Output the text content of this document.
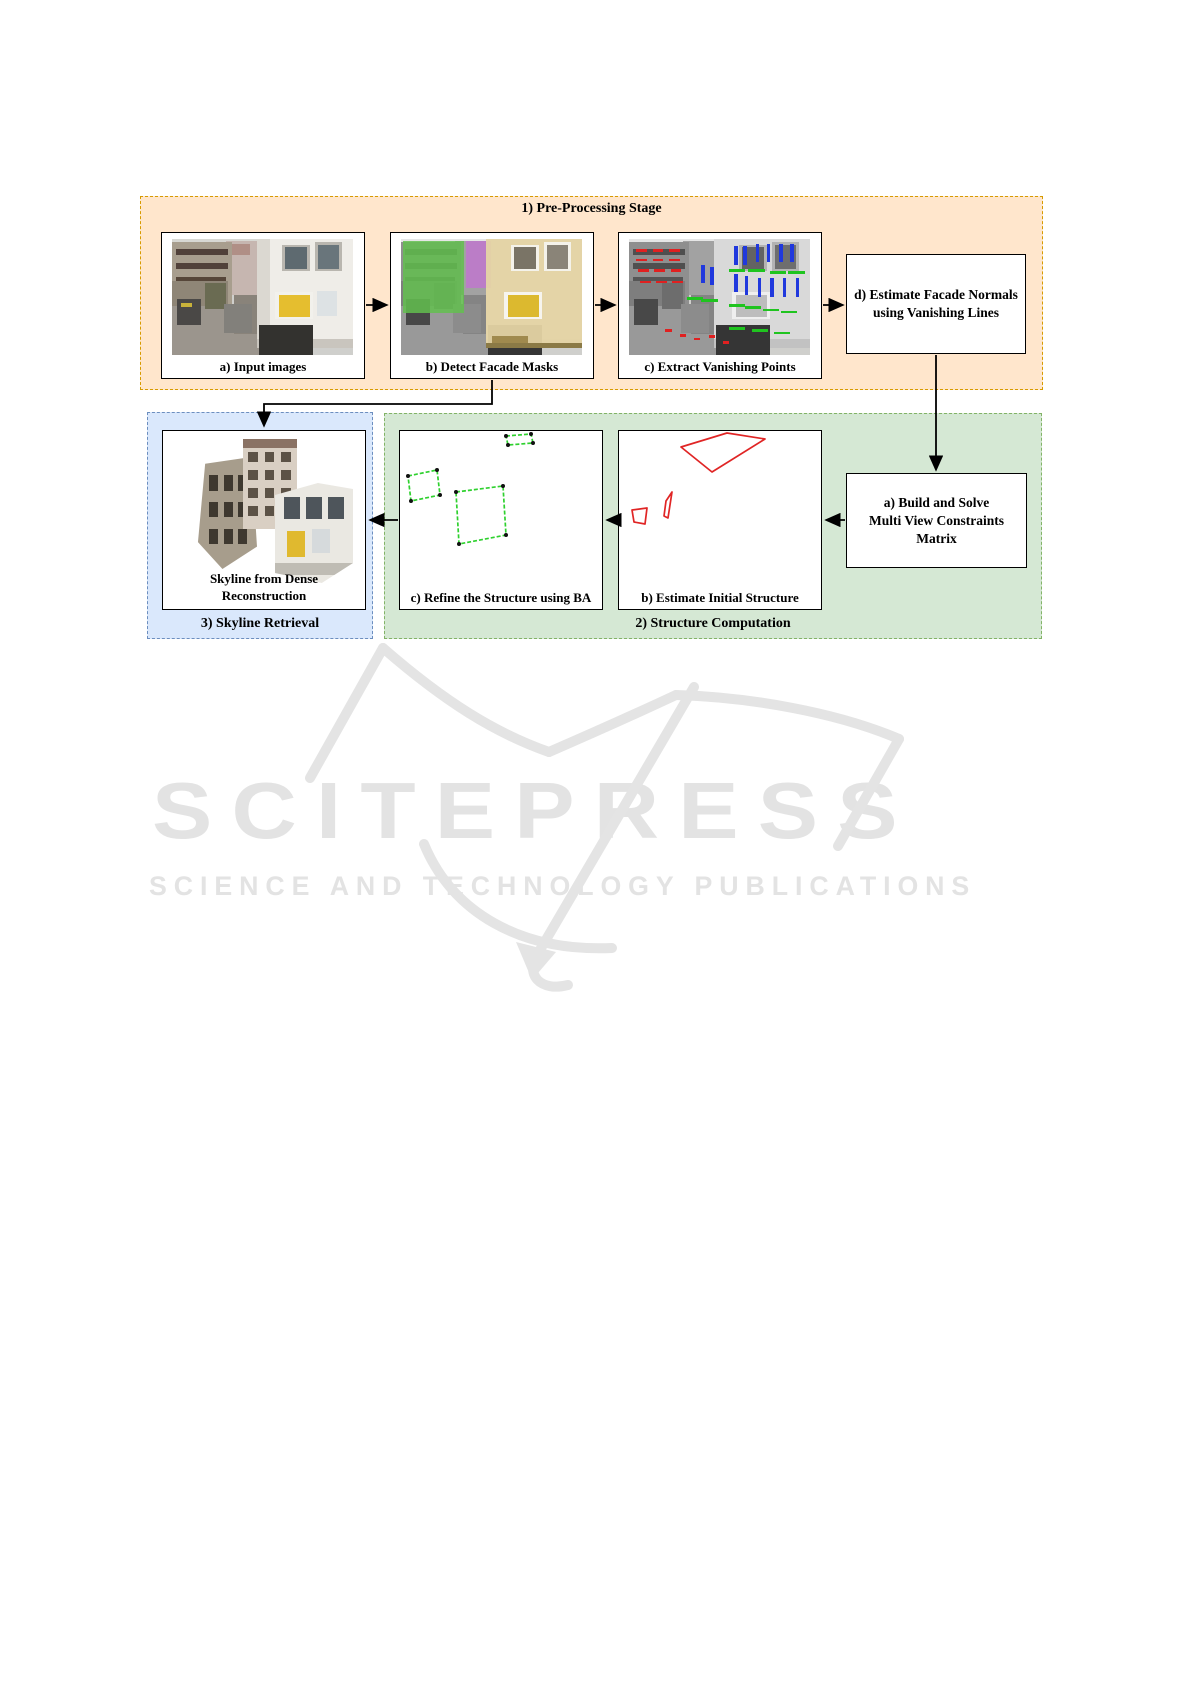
SCITEPRESS
SCIENCE AND TECHNOLOGY PUBLICATIONS
1) Pre-Processing Stage
2) Structure Computation
3) Skyline Retrieval
a) Input images	b) Detect Facade Masks	c) Extract Vanishing Points
d) Estimate Facade Normals
using Vanishing Lines
a) Build and Solve
Multi View Constraints
Matrix
b) Estimate Initial Structure
c) Refine the Structure using BA
Skyline from Dense
Reconstruction
